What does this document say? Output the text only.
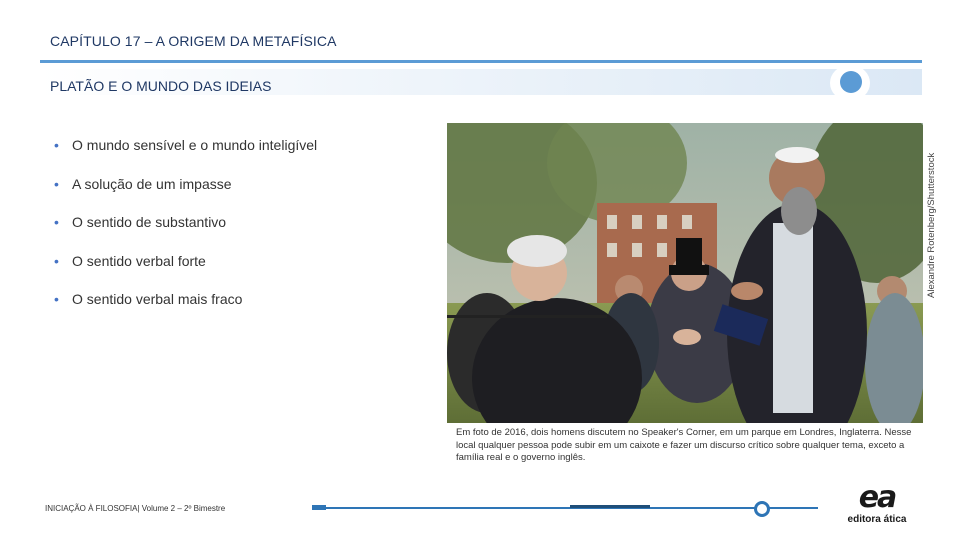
CAPÍTULO 17 – A ORIGEM DA METAFÍSICA
PLATÃO E O MUNDO DAS IDEIAS
• O mundo sensível e o mundo inteligível
• A solução de um impasse
• O sentido de substantivo
• O sentido verbal forte
• O sentido verbal mais fraco
Alexandre Rotenberg/Shutterstock
Em foto de 2016, dois homens discutem no Speaker's Corner, em um parque em Londres, Inglaterra. Nesse local qualquer pessoa pode subir em um caixote e fazer um discurso crítico sobre qualquer tema, exceto a família real e o governo inglês.
INICIAÇÃO À FILOSOFIA| Volume 2 – 2º Bimestre	ea
editora ática
